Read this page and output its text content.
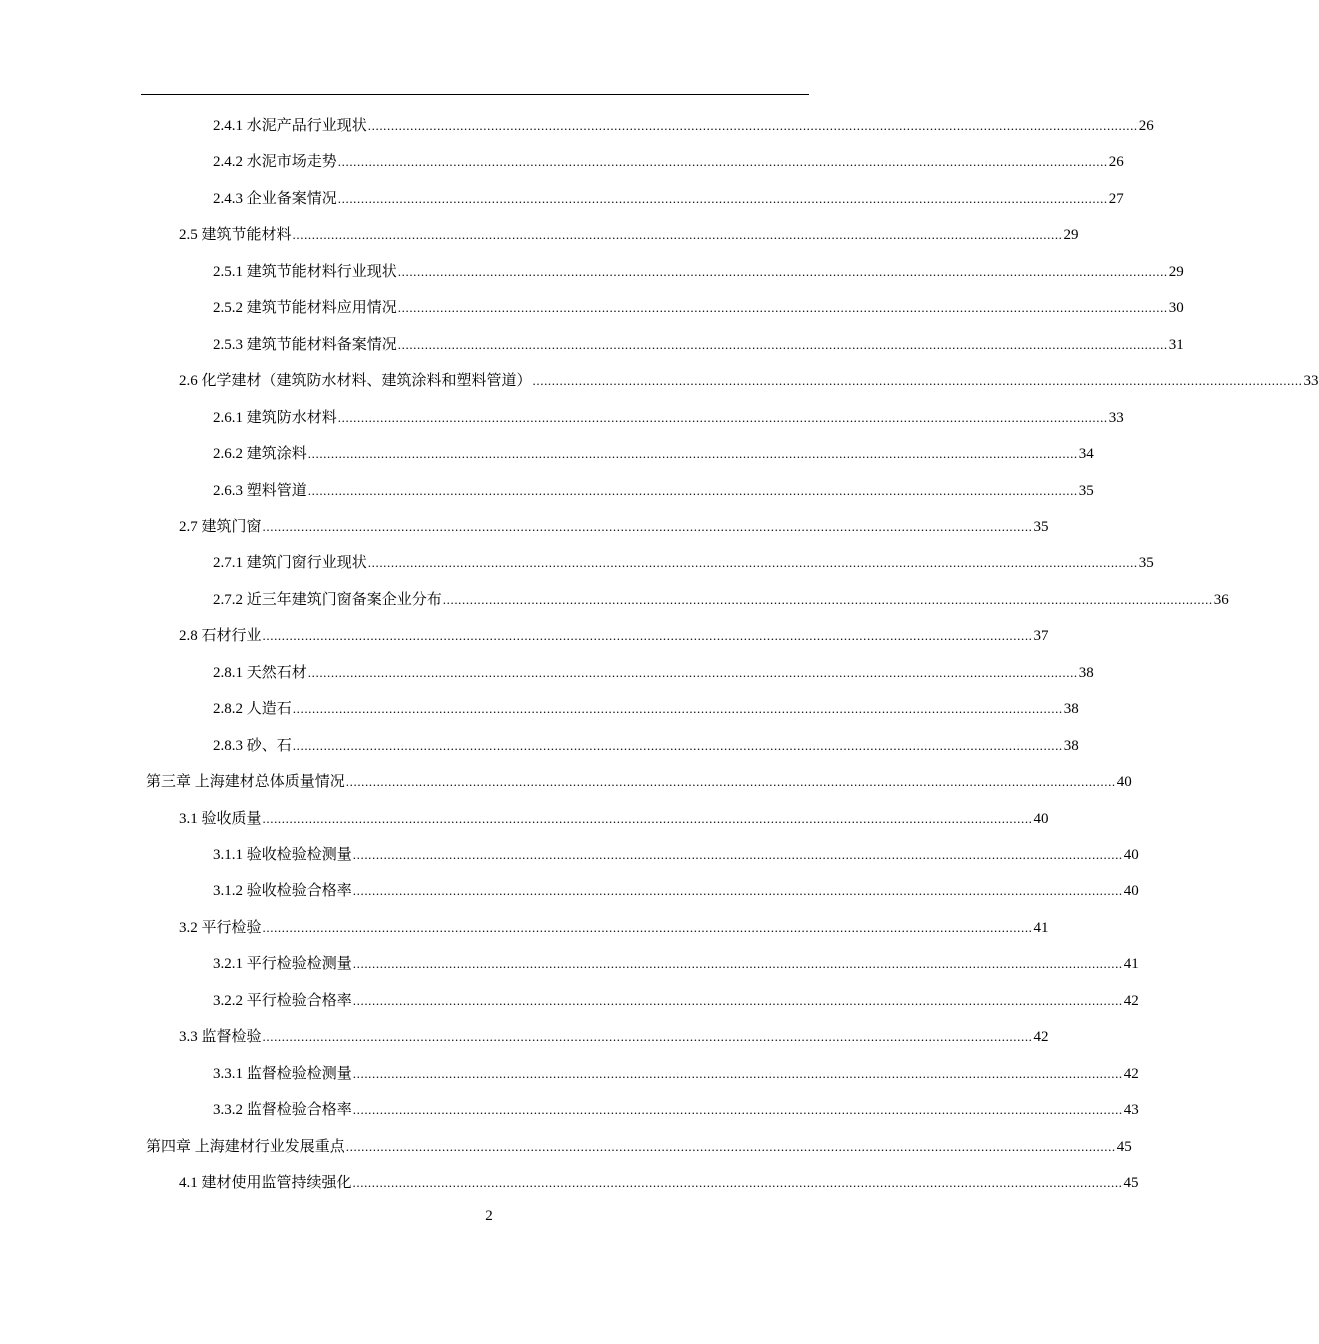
2.4.1 水泥产品行业现状 ........................................................................................................................................................................................................ 26
2.4.2 水泥市场走势 ........................................................................................................................................................................................................ 26
2.4.3 企业备案情况 ........................................................................................................................................................................................................ 27
2.5 建筑节能材料 ........................................................................................................................................................................................................ 29
2.5.1 建筑节能材料行业现状 ........................................................................................................................................................................................................ 29
2.5.2 建筑节能材料应用情况 ........................................................................................................................................................................................................ 30
2.5.3 建筑节能材料备案情况 ........................................................................................................................................................................................................ 31
2.6 化学建材（建筑防水材料、建筑涂料和塑料管道） ........................................................................................................................................................................................................ 33
2.6.1 建筑防水材料 ........................................................................................................................................................................................................ 33
2.6.2 建筑涂料 ........................................................................................................................................................................................................ 34
2.6.3 塑料管道 ........................................................................................................................................................................................................ 35
2.7 建筑门窗 ........................................................................................................................................................................................................ 35
2.7.1 建筑门窗行业现状 ........................................................................................................................................................................................................ 35
2.7.2 近三年建筑门窗备案企业分布 ........................................................................................................................................................................................................ 36
2.8 石材行业 ........................................................................................................................................................................................................ 37
2.8.1 天然石材 ........................................................................................................................................................................................................ 38
2.8.2 人造石 ........................................................................................................................................................................................................ 38
2.8.3 砂、石 ........................................................................................................................................................................................................ 38
第三章 上海建材总体质量情况 ........................................................................................................................................................................................................ 40
3.1 验收质量 ........................................................................................................................................................................................................ 40
3.1.1 验收检验检测量 ........................................................................................................................................................................................................ 40
3.1.2 验收检验合格率 ........................................................................................................................................................................................................ 40
3.2 平行检验 ........................................................................................................................................................................................................ 41
3.2.1 平行检验检测量 ........................................................................................................................................................................................................ 41
3.2.2 平行检验合格率 ........................................................................................................................................................................................................ 42
3.3 监督检验 ........................................................................................................................................................................................................ 42
3.3.1 监督检验检测量 ........................................................................................................................................................................................................ 42
3.3.2 监督检验合格率 ........................................................................................................................................................................................................ 43
第四章 上海建材行业发展重点 ........................................................................................................................................................................................................ 45
4.1 建材使用监管持续强化 ........................................................................................................................................................................................................ 45
2
